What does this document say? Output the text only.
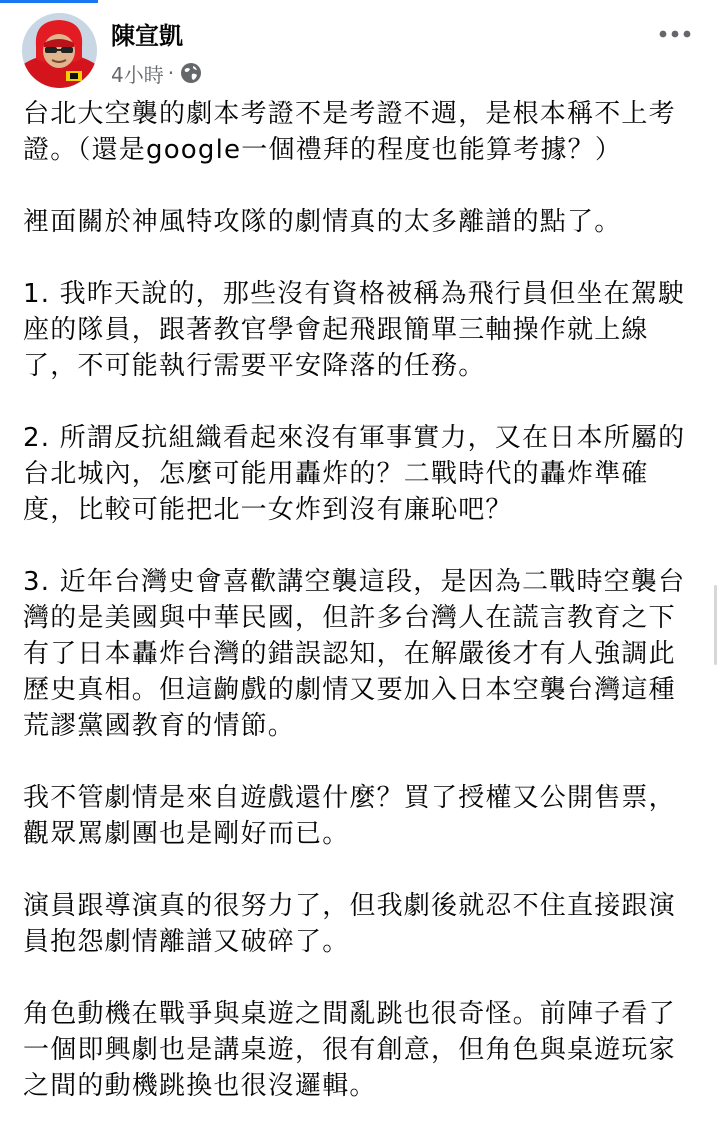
陳宣凱
4小時 ·

台北大空襲的劇本考證不是考證不週，是根本稱不上考
證。（還是google一個禮拜的程度也能算考據？）

裡面關於神風特攻隊的劇情真的太多離譜的點了。

1. 我昨天說的，那些沒有資格被稱為飛行員但坐在駕駛
座的隊員，跟著教官學會起飛跟簡單三軸操作就上線
了，不可能執行需要平安降落的任務。

2. 所謂反抗組織看起來沒有軍事實力，又在日本所屬的
台北城內，怎麼可能用轟炸的？二戰時代的轟炸準確
度，比較可能把北一女炸到沒有廉恥吧？

3. 近年台灣史會喜歡講空襲這段，是因為二戰時空襲台
灣的是美國與中華民國，但許多台灣人在謊言教育之下
有了日本轟炸台灣的錯誤認知，在解嚴後才有人強調此
歷史真相。但這齣戲的劇情又要加入日本空襲台灣這種
荒謬黨國教育的情節。

我不管劇情是來自遊戲還什麼？買了授權又公開售票，
觀眾罵劇團也是剛好而已。

演員跟導演真的很努力了，但我劇後就忍不住直接跟演
員抱怨劇情離譜又破碎了。

角色動機在戰爭與桌遊之間亂跳也很奇怪。前陣子看了
一個即興劇也是講桌遊，很有創意，但角色與桌遊玩家
之間的動機跳換也很沒邏輯。
